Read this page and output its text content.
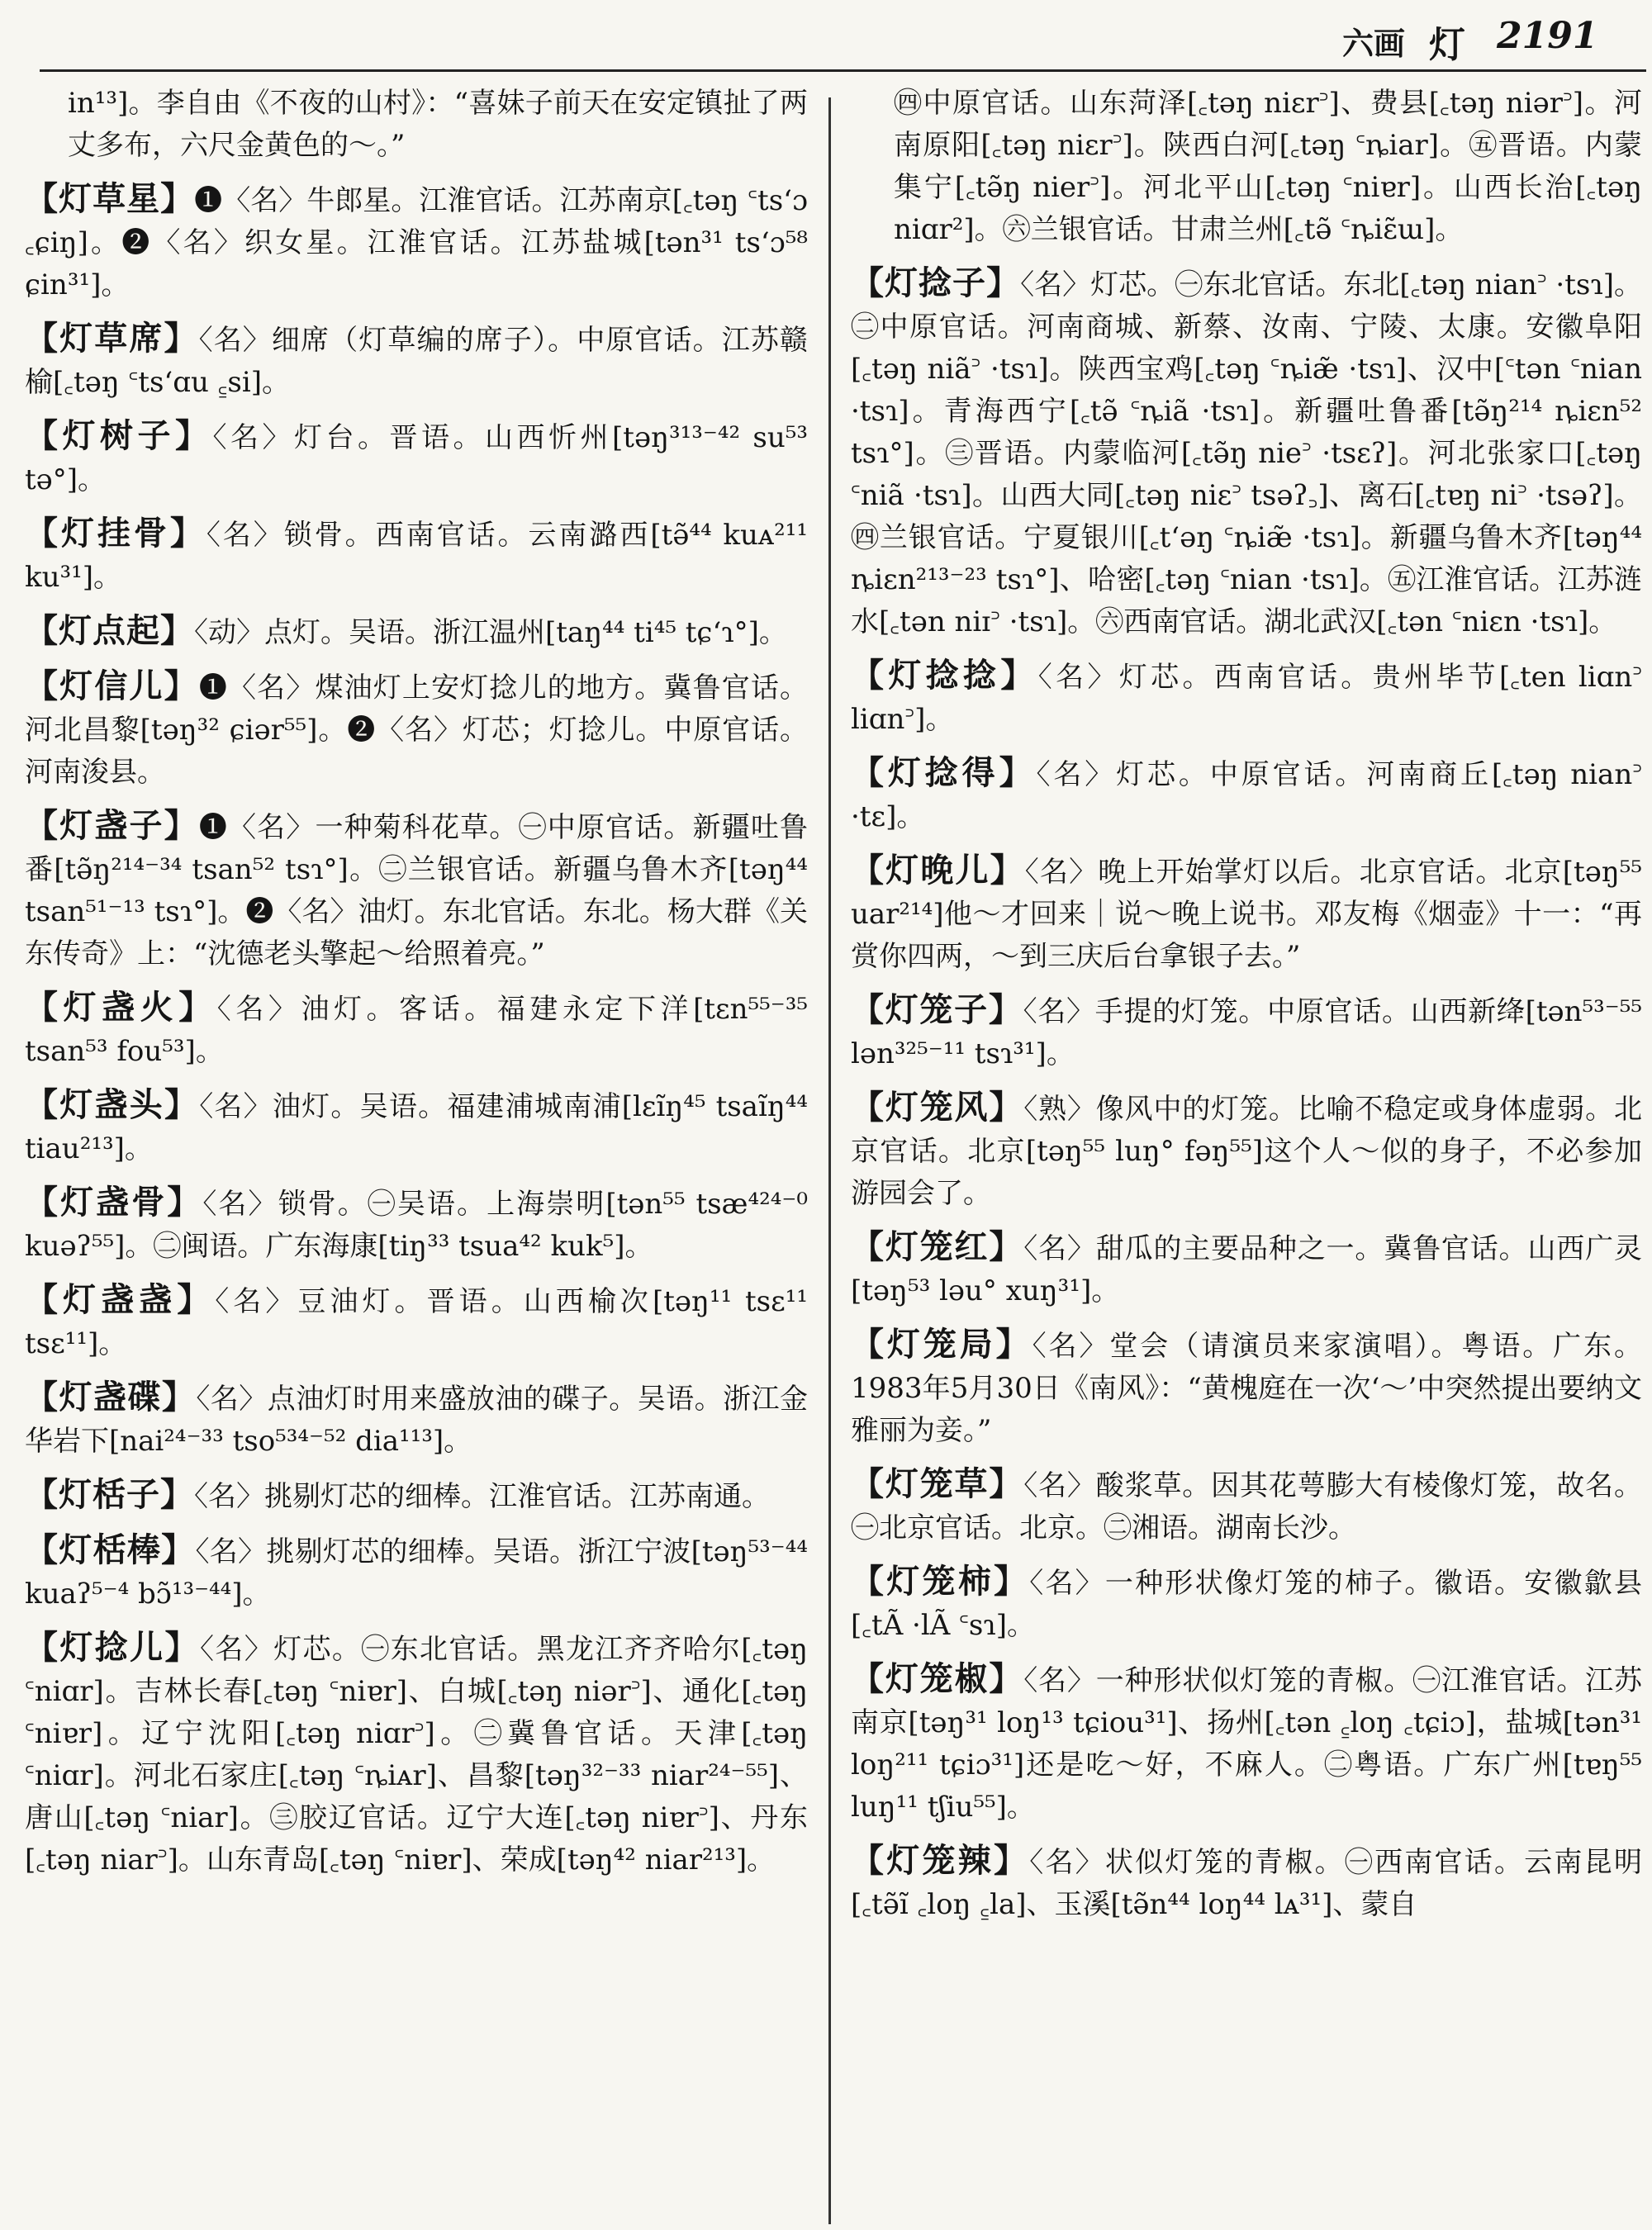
六画 灯 2191
in¹³]。李自由《不夜的山村》：“喜妹子前天在安定镇扯了两丈多布，六尺金黄色的～。”
【灯草星】❶〈名〉牛郎星。江淮官话。江苏南京[꜀təŋ ꜂tsʻɔ ꜀ɕiŋ]。❷〈名〉织女星。江淮官话。江苏盐城[tən³¹ tsʻɔ⁵⁸ ɕin³¹]。
【灯草席】〈名〉细席（灯草编的席子）。中原官话。江苏赣榆[꜀təŋ ꜂tsʻɑu ꜁si]。
【灯树子】〈名〉灯台。晋语。山西忻州[təŋ³¹³⁻⁴² su⁵³ tə°]。
【灯挂骨】〈名〉锁骨。西南官话。云南潞西[tə̃⁴⁴ kuᴀ²¹¹ ku³¹]。
【灯点起】〈动〉点灯。吴语。浙江温州[taŋ⁴⁴ ti⁴⁵ tɕʻɿ°]。
【灯信儿】❶〈名〉煤油灯上安灯捻儿的地方。冀鲁官话。河北昌黎[təŋ³² ɕiər⁵⁵]。❷〈名〉灯芯；灯捻儿。中原官话。河南浚县。
【灯盏子】❶〈名〉一种菊科花草。㊀中原官话。新疆吐鲁番[tə̃ŋ²¹⁴⁻³⁴ tsan⁵² tsɿ°]。㊁兰银官话。新疆乌鲁木齐[təŋ⁴⁴ tsan⁵¹⁻¹³ tsɿ°]。❷〈名〉油灯。东北官话。东北。杨大群《关东传奇》上：“沈德老头擎起～给照着亮。”
【灯盏火】〈名〉油灯。客话。福建永定下洋[tɛn⁵⁵⁻³⁵ tsan⁵³ fou⁵³]。
【灯盏头】〈名〉油灯。吴语。福建浦城南浦[lɛĩŋ⁴⁵ tsaĩŋ⁴⁴ tiau²¹³]。
【灯盏骨】〈名〉锁骨。㊀吴语。上海崇明[tən⁵⁵ tsæ⁴²⁴⁻⁰ kuəʔ⁵⁵]。㊁闽语。广东海康[tiŋ³³ tsua⁴² kuk⁵]。
【灯盏盏】〈名〉豆油灯。晋语。山西榆次[təŋ¹¹ tsɛ¹¹ tsɛ¹¹]。
【灯盏碟】〈名〉点油灯时用来盛放油的碟子。吴语。浙江金华岩下[nai²⁴⁻³³ tso⁵³⁴⁻⁵² dia¹¹³]。
【灯栝子】〈名〉挑剔灯芯的细棒。江淮官话。江苏南通。
【灯栝棒】〈名〉挑剔灯芯的细棒。吴语。浙江宁波[təŋ⁵³⁻⁴⁴ kuaʔ⁵⁻⁴ bɔ̃¹³⁻⁴⁴]。
【灯捻儿】〈名〉灯芯。㊀东北官话。黑龙江齐齐哈尔[꜀təŋ ꜂niɑr]。吉林长春[꜀təŋ ꜂niɐr]、白城[꜀təŋ niər꜄]、通化[꜀təŋ ꜂niɐr]。辽宁沈阳[꜀təŋ niɑr꜄]。㊁冀鲁官话。天津[꜀təŋ ꜂niɑr]。河北石家庄[꜀təŋ ꜂ȵiᴀr]、昌黎[təŋ³²⁻³³ niar²⁴⁻⁵⁵]、唐山[꜀təŋ ꜂niar]。㊂胶辽官话。辽宁大连[꜀təŋ niɐr꜄]、丹东[꜀təŋ niar꜄]。山东青岛[꜀təŋ ꜂niɐr]、荣成[təŋ⁴² niar²¹³]。
㊃中原官话。山东菏泽[꜀təŋ niɛr꜄]、费县[꜀təŋ niər꜄]。河南原阳[꜀təŋ niɛr꜄]。陕西白河[꜀təŋ ꜂ȵiar]。㊄晋语。内蒙集宁[꜀tə̃ŋ nier꜄]。河北平山[꜀təŋ ꜂niɐr]。山西长治[꜀təŋ niɑr²]。㊅兰银官话。甘肃兰州[꜀tə̃ ꜂ȵiɛ̃ɯ]。
【灯捻子】〈名〉灯芯。㊀东北官话。东北[꜀təŋ nian꜄ ·tsɿ]。㊁中原官话。河南商城、新蔡、汝南、宁陵、太康。安徽阜阳[꜀təŋ niã꜄ ·tsɿ]。陕西宝鸡[꜀təŋ ꜂ȵiæ̃ ·tsɿ]、汉中[꜂tən ꜂nian ·tsɿ]。青海西宁[꜀tə̃ ꜂ȵiã ·tsɿ]。新疆吐鲁番[tə̃ŋ²¹⁴ ȵiɛn⁵² tsɿ°]。㊂晋语。内蒙临河[꜀tə̃ŋ nie꜄ ·tsɛʔ]。河北张家口[꜀təŋ ꜂niã ·tsɿ]。山西大同[꜀təŋ niɛ꜄ tsəʔ꜆]、离石[꜀tɐŋ ni꜄ ·tsəʔ]。㊃兰银官话。宁夏银川[꜀tʻəŋ ꜂ȵiæ̃ ·tsɿ]。新疆乌鲁木齐[təŋ⁴⁴ ȵiɛn²¹³⁻²³ tsɿ°]、哈密[꜀təŋ ꜂nian ·tsɿ]。㊄江淮官话。江苏涟水[꜀tən niɪ꜄ ·tsɿ]。㊅西南官话。湖北武汉[꜀tən ꜂niɛn ·tsɿ]。
【灯捻捻】〈名〉灯芯。西南官话。贵州毕节[꜀ten liɑn꜄ liɑn꜄]。
【灯捻得】〈名〉灯芯。中原官话。河南商丘[꜀təŋ nian꜄ ·tɛ]。
【灯晚儿】〈名〉晚上开始掌灯以后。北京官话。北京[təŋ⁵⁵ uar²¹⁴]他～才回来｜说～晚上说书。邓友梅《烟壶》十一：“再赏你四两，～到三庆后台拿银子去。”
【灯笼子】〈名〉手提的灯笼。中原官话。山西新绛[tən⁵³⁻⁵⁵ lən³²⁵⁻¹¹ tsɿ³¹]。
【灯笼风】〈熟〉像风中的灯笼。比喻不稳定或身体虚弱。北京官话。北京[təŋ⁵⁵ luŋ° fəŋ⁵⁵]这个人～似的身子，不必参加游园会了。
【灯笼红】〈名〉甜瓜的主要品种之一。冀鲁官话。山西广灵[təŋ⁵³ ləu° xuŋ³¹]。
【灯笼局】〈名〉堂会（请演员来家演唱）。粤语。广东。1983年5月30日《南风》：“黄槐庭在一次‘～’中突然提出要纳文雅丽为妾。”
【灯笼草】〈名〉酸浆草。因其花萼膨大有棱像灯笼，故名。㊀北京官话。北京。㊁湘语。湖南长沙。
【灯笼柿】〈名〉一种形状像灯笼的柿子。徽语。安徽歙县[꜀tÃ ·lÃ ꜂sɿ]。
【灯笼椒】〈名〉一种形状似灯笼的青椒。㊀江淮官话。江苏南京[təŋ³¹ loŋ¹³ tɕiou³¹]、扬州[꜀tən ꜁loŋ ꜀tɕiɔ]，盐城[tən³¹ loŋ²¹¹ tɕiɔ³¹]还是吃～好，不麻人。㊁粤语。广东广州[tɐŋ⁵⁵ luŋ¹¹ tʃiu⁵⁵]。
【灯笼辣】〈名〉状似灯笼的青椒。㊀西南官话。云南昆明[꜀tə̃ĩ ꜀loŋ ꜁la]、玉溪[tə̃n⁴⁴ loŋ⁴⁴ lᴀ³¹]、蒙自
